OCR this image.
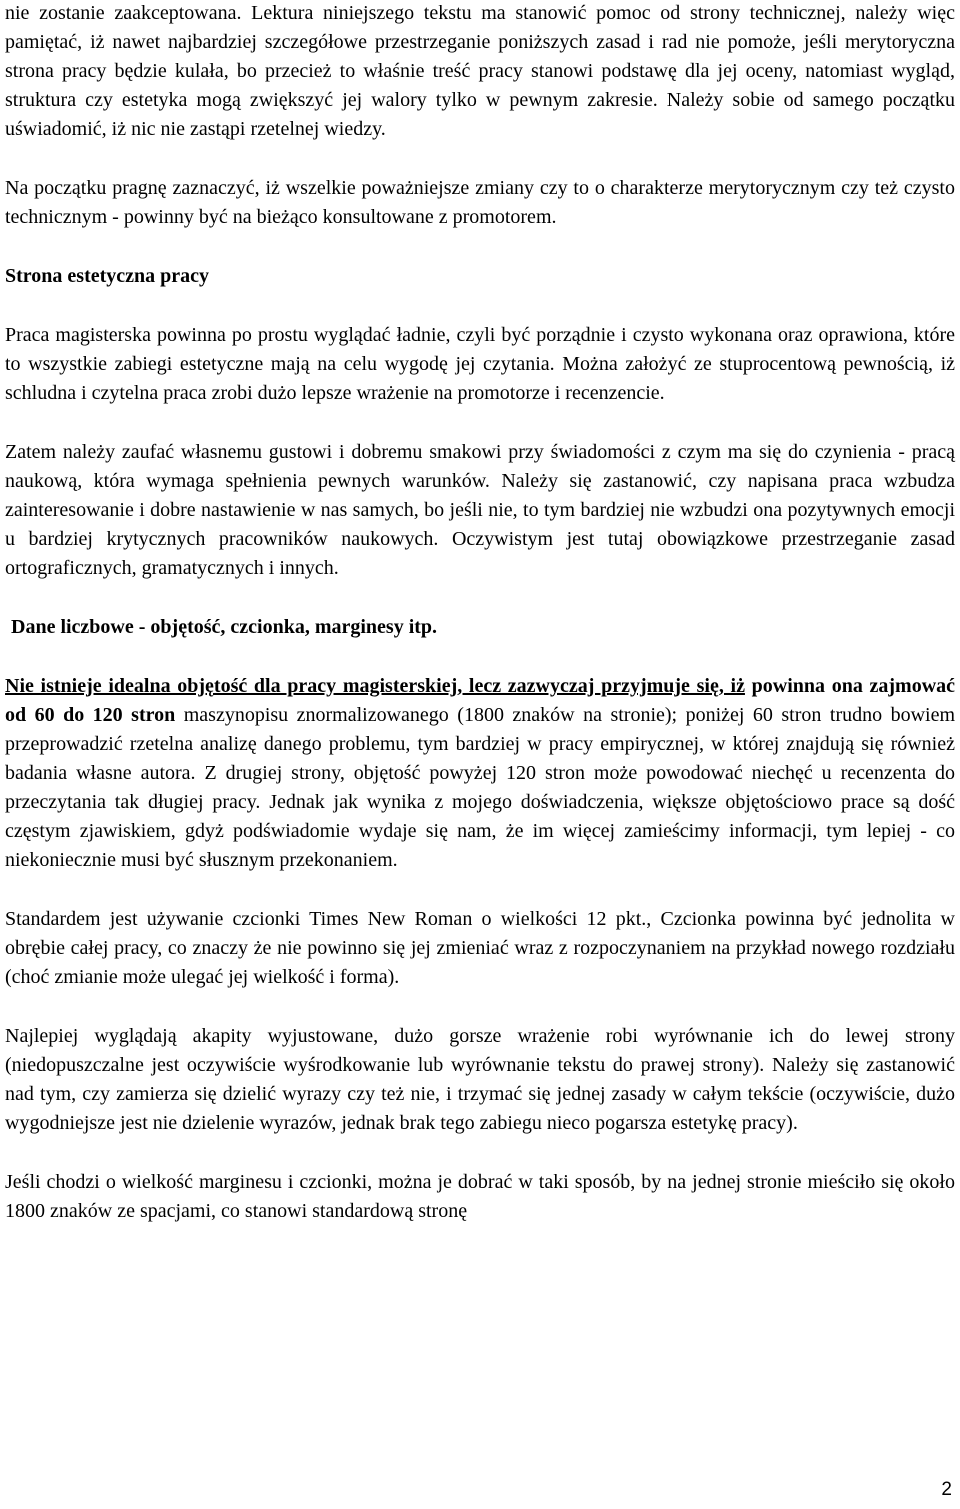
nie zostanie zaakceptowana. Lektura niniejszego tekstu ma stanowić pomoc od strony technicznej, należy więc pamiętać, iż nawet najbardziej szczegółowe przestrzeganie poniższych zasad i rad nie pomoże, jeśli merytoryczna strona pracy będzie kulała, bo przecież to właśnie treść pracy stanowi podstawę dla jej oceny, natomiast wygląd, struktura czy estetyka mogą zwiększyć jej walory tylko w pewnym zakresie. Należy sobie od samego początku uświadomić, iż nic nie zastąpi rzetelnej wiedzy.

Na początku pragnę zaznaczyć, iż wszelkie poważniejsze zmiany czy to o charakterze merytorycznym czy też czysto technicznym - powinny być na bieżąco konsultowane z promotorem.

Strona estetyczna pracy

Praca magisterska powinna po prostu wyglądać ładnie, czyli być porządnie i czysto wykonana oraz oprawiona, które to wszystkie zabiegi estetyczne mają na celu wygodę jej czytania. Można założyć ze stuprocentową pewnością, iż schludna i czytelna praca zrobi dużo lepsze wrażenie na promotorze i recenzencie.

Zatem należy zaufać własnemu gustowi i dobremu smakowi przy świadomości z czym ma się do czynienia - pracą naukową, która wymaga spełnienia pewnych warunków. Należy się zastanowić, czy napisana praca wzbudza zainteresowanie i dobre nastawienie w nas samych, bo jeśli nie, to tym bardziej nie wzbudzi ona pozytywnych emocji u bardziej krytycznych pracowników naukowych. Oczywistym jest tutaj obowiązkowe przestrzeganie zasad ortograficznych, gramatycznych i innych.

Dane liczbowe - objętość, czcionka, marginesy itp.

Nie istnieje idealna objętość dla pracy magisterskiej, lecz zazwyczaj przyjmuje się, iż powinna ona zajmować od 60 do 120 stron maszynopisu znormalizowanego (1800 znaków na stronie); poniżej 60 stron trudno bowiem przeprowadzić rzetelna analizę danego problemu, tym bardziej w pracy empirycznej, w której znajdują się również badania własne autora. Z drugiej strony, objętość powyżej 120 stron może powodować niechęć u recenzenta do przeczytania tak długiej pracy. Jednak jak wynika z mojego doświadczenia, większe objętościowo prace są dość częstym zjawiskiem, gdyż podświadomie wydaje się nam, że im więcej zamieścimy informacji, tym lepiej - co niekoniecznie musi być słusznym przekonaniem.

Standardem jest używanie czcionki Times New Roman o wielkości 12 pkt., Czcionka powinna być jednolita w obrębie całej pracy, co znaczy że nie powinno się jej zmieniać wraz z rozpoczynaniem na przykład nowego rozdziału (choć zmianie może ulegać jej wielkość i forma).

Najlepiej wyglądają akapity wyjustowane, dużo gorsze wrażenie robi wyrównanie ich do lewej strony (niedopuszczalne jest oczywiście wyśrodkowanie lub wyrównanie tekstu do prawej strony). Należy się zastanowić nad tym, czy zamierza się dzielić wyrazy czy też nie, i trzymać się jednej zasady w całym tekście (oczywiście, dużo wygodniejsze jest nie dzielenie wyrazów, jednak brak tego zabiegu nieco pogarsza estetykę pracy).

Jeśli chodzi o wielkość marginesu i czcionki, można je dobrać w taki sposób, by na jednej stronie mieściło się około 1800 znaków ze spacjami, co stanowi standardową stronę

2
